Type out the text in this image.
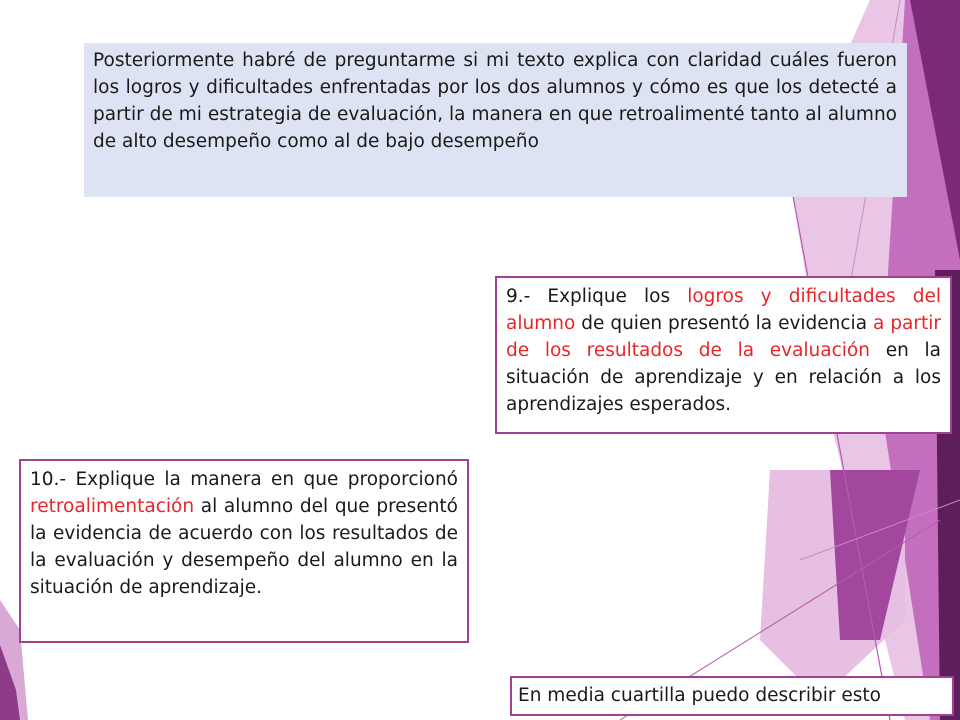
Posteriormente habré de preguntarme si mi texto explica con claridad cuáles fueron los logros y dificultades enfrentadas por los dos alumnos y cómo es que los detecté a partir de mi estrategia de evaluación, la manera en que retroalimenté tanto al alumno de alto desempeño como al de bajo desempeño

9.- Explique los logros y dificultades del alumno de quien presentó la evidencia a partir de los resultados de la evaluación en la situación de aprendizaje y en relación a los aprendizajes esperados.

10.- Explique la manera en que proporcionó retroalimentación al alumno del que presentó la evidencia de acuerdo con los resultados de la evaluación y desempeño del alumno en la situación de aprendizaje.

En media cuartilla puedo describir esto
